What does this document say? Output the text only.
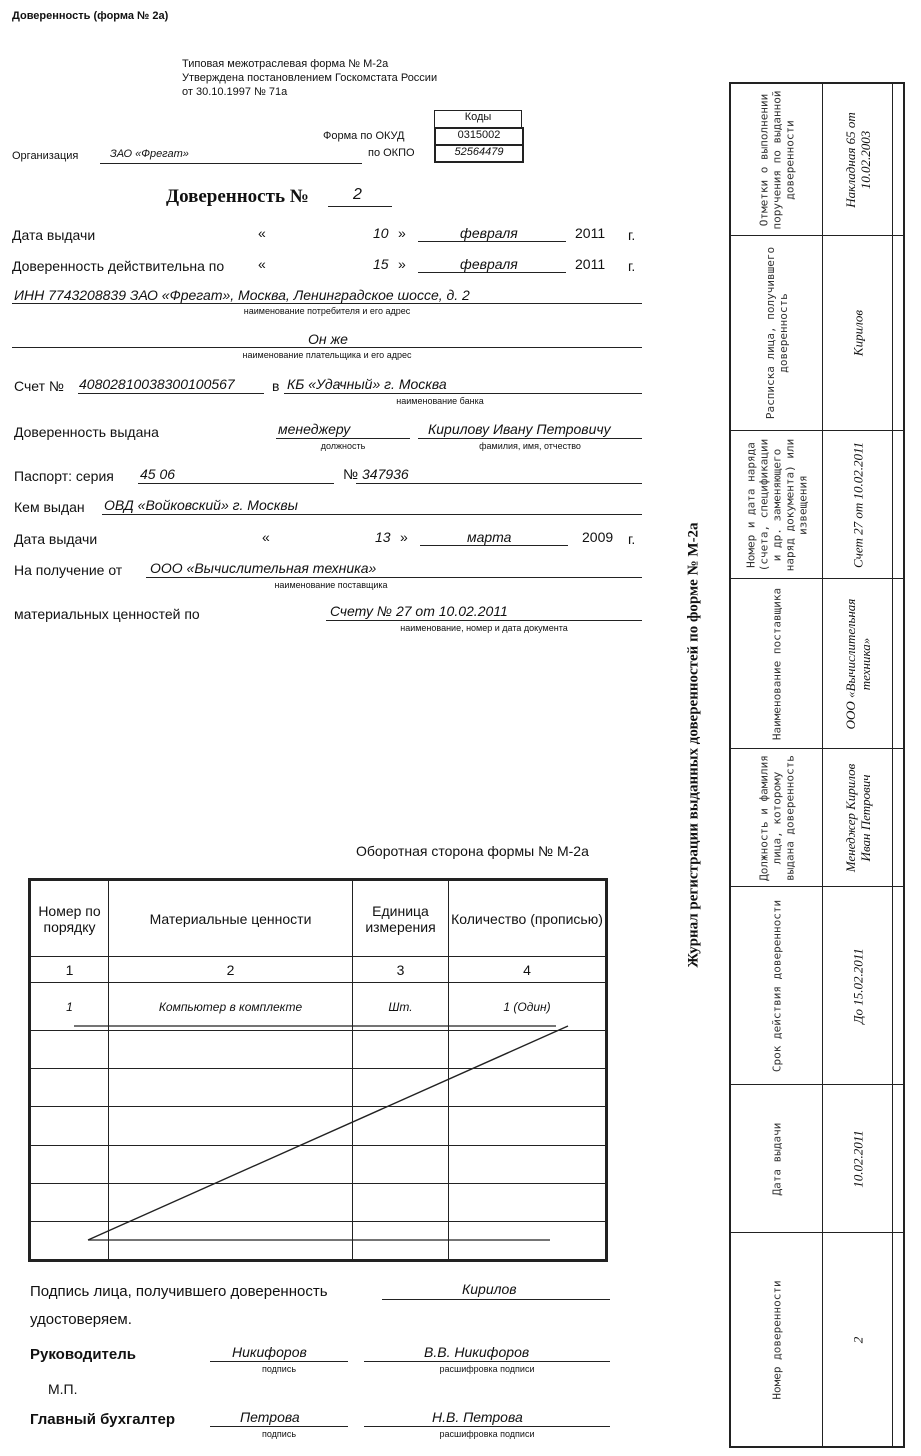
Доверенность (форма № 2а)
Типовая межотраслевая форма № М-2а
Утверждена постановлением Госкомстата России
от 30.10.1997 № 71а
Коды
0315002
52564479
Форма по ОКУД
по ОКПО
Организация	ЗАО «Фрегат»
Доверенность №	2
Дата выдачи	«	10 »	февраля	2011 г.
Доверенность действительна по «	15 »	февраля	2011 г.
ИНН 7743208839 ЗАО «Фрегат», Москва, Ленинградское шоссе, д. 2
наименование потребителя и его адрес
Он же
наименование плательщика и его адрес
Счет № 40802810038300100567	в КБ «Удачный» г. Москва
наименование банка
Доверенность выдана	менеджеру
должность
Кирилову Ивану Петровичу
фамилия, имя, отчество
Паспорт: серия 45 06	№ 347936
Кем выдан ОВД «Войковский» г. Москвы
Дата выдачи	«	13 »	марта	2009 г.
На получение от ООО «Вычислительная техника»
наименование поставщика
материальных ценностей по	Счету № 27 от 10.02.2011
наименование, номер и дата документа
Оборотная сторона формы № М-2а
Номер по порядку	Материальные ценности	Единица измерения	Количество (прописью)
1	2	3	4
1	Компьютер в комплекте	Шт.	1 (Один)

Подпись лица, получившего доверенность	Кирилов
удостоверяем.
Руководитель	Никифоров
подпись
В.В. Никифоров
расшифровка подписи
М.П.
Главный бухгалтер	Петрова
подпись
Н.В. Петрова
расшифровка подписи
Журнал регистрации выданных доверенностей по форме № М-2а
Отметки о выполнении поручения по выданной доверенности	Накладная 65 от 10.02.2003
Расписка лица, получившего доверенность	Кирилов
Номер и дата наряда (счета, спецификации и др. заменяющего наряд документа) или извещения	Счет 27 от 10.02.2011
Наименование поставщика	ООО «Вычислительная техника»
Должность и фамилия лица, которому выдана доверенность	Менеджер Кирилов Иван Петрович
Срок действия доверенности	До 15.02.2011
Дата выдачи	10.02.2011
Номер доверенности	2
